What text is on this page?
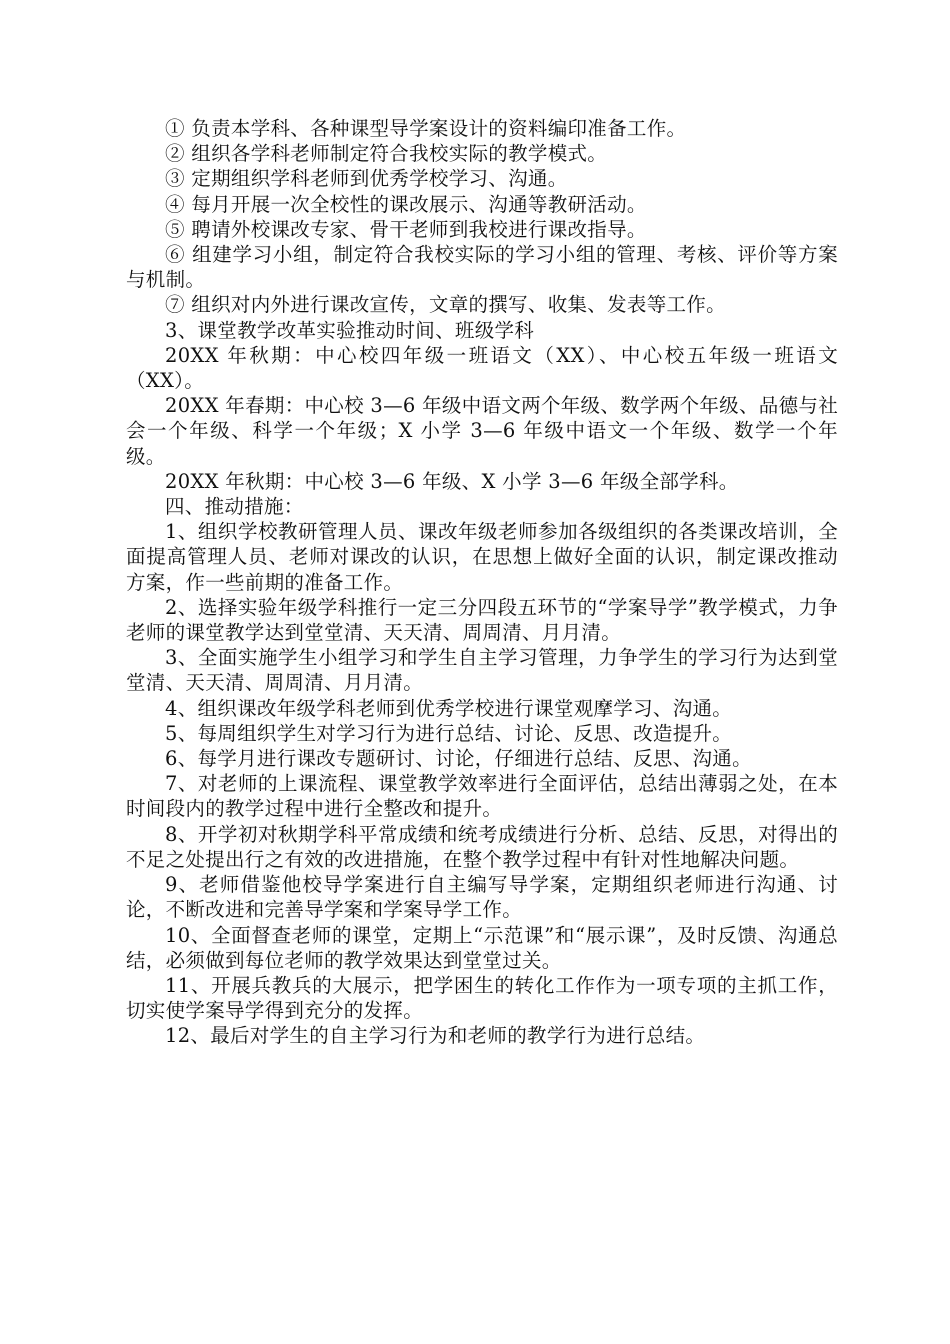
① 负责本学科、各种课型导学案设计的资料编印准备工作。

② 组织各学科老师制定符合我校实际的教学模式。

③ 定期组织学科老师到优秀学校学习、沟通。

④ 每月开展一次全校性的课改展示、沟通等教研活动。

⑤ 聘请外校课改专家、骨干老师到我校进行课改指导。

⑥ 组建学习小组，制定符合我校实际的学习小组的管理、考核、评价等方案与机制。

⑦ 组织对内外进行课改宣传，文章的撰写、收集、发表等工作。

3、课堂教学改革实验推动时间、班级学科

20XX 年秋期：中心校四年级一班语文（XX）、中心校五年级一班语文（XX）。

20XX 年春期：中心校 3—6 年级中语文两个年级、数学两个年级、品德与社会一个年级、科学一个年级；X 小学 3—6 年级中语文一个年级、数学一个年级。

20XX 年秋期：中心校 3—6 年级、X 小学 3—6 年级全部学科。

四、推动措施：

1、组织学校教研管理人员、课改年级老师参加各级组织的各类课改培训，全面提高管理人员、老师对课改的认识，在思想上做好全面的认识，制定课改推动方案，作一些前期的准备工作。

2、选择实验年级学科推行一定三分四段五环节的“学案导学”教学模式，力争老师的课堂教学达到堂堂清、天天清、周周清、月月清。

3、全面实施学生小组学习和学生自主学习管理，力争学生的学习行为达到堂堂清、天天清、周周清、月月清。

4、组织课改年级学科老师到优秀学校进行课堂观摩学习、沟通。

5、每周组织学生对学习行为进行总结、讨论、反思、改造提升。

6、每学月进行课改专题研讨、讨论，仔细进行总结、反思、沟通。

7、对老师的上课流程、课堂教学效率进行全面评估，总结出薄弱之处，在本时间段内的教学过程中进行全整改和提升。

8、开学初对秋期学科平常成绩和统考成绩进行分析、总结、反思，对得出的不足之处提出行之有效的改进措施，在整个教学过程中有针对性地解决问题。

9、老师借鉴他校导学案进行自主编写导学案，定期组织老师进行沟通、讨论，不断改进和完善导学案和学案导学工作。

10、全面督查老师的课堂，定期上“示范课”和“展示课”，及时反馈、沟通总结，必须做到每位老师的教学效果达到堂堂过关。

11、开展兵教兵的大展示，把学困生的转化工作作为一项专项的主抓工作，切实使学案导学得到充分的发挥。

12、最后对学生的自主学习行为和老师的教学行为进行总结。
